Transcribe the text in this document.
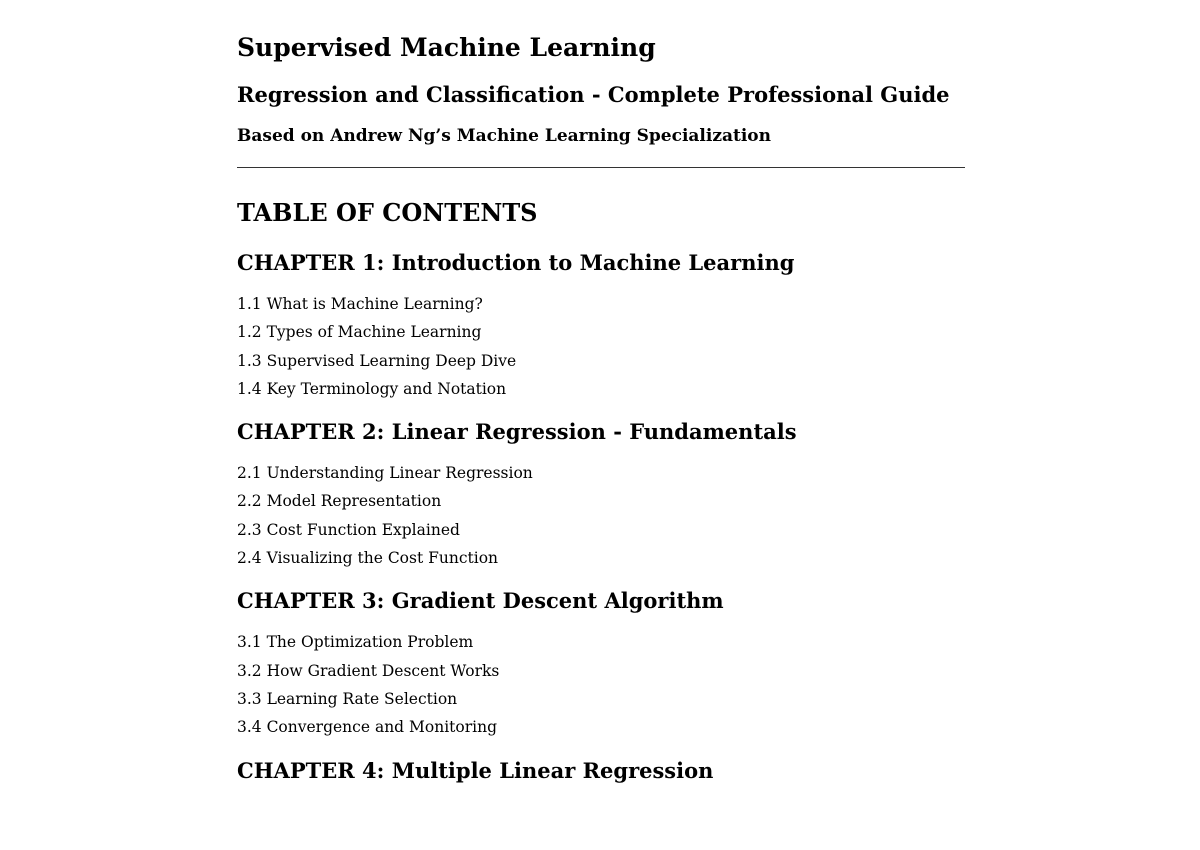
Supervised Machine Learning
Regression and Classification - Complete Professional Guide
Based on Andrew Ng’s Machine Learning Specialization
TABLE OF CONTENTS
CHAPTER 1: Introduction to Machine Learning
1.1 What is Machine Learning?
1.2 Types of Machine Learning
1.3 Supervised Learning Deep Dive
1.4 Key Terminology and Notation
CHAPTER 2: Linear Regression - Fundamentals
2.1 Understanding Linear Regression
2.2 Model Representation
2.3 Cost Function Explained
2.4 Visualizing the Cost Function
CHAPTER 3: Gradient Descent Algorithm
3.1 The Optimization Problem
3.2 How Gradient Descent Works
3.3 Learning Rate Selection
3.4 Convergence and Monitoring
CHAPTER 4: Multiple Linear Regression
